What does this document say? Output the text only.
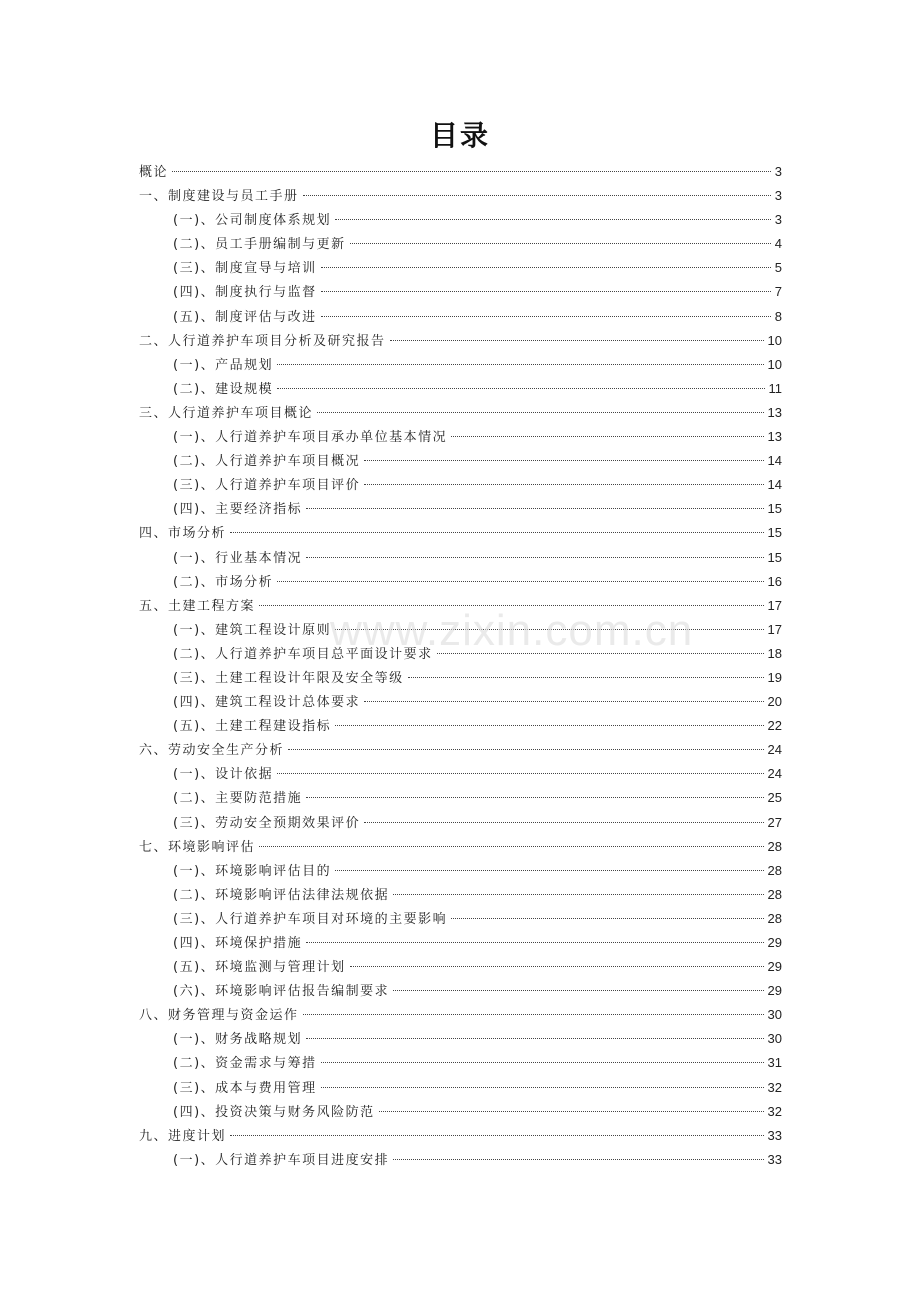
目录
概论	3
一、制度建设与员工手册	3
(一)、公司制度体系规划	3
(二)、员工手册编制与更新	4
(三)、制度宣导与培训	5
(四)、制度执行与监督	7
(五)、制度评估与改进	8
二、人行道养护车项目分析及研究报告	10
(一)、产品规划	10
(二)、建设规模	11
三、人行道养护车项目概论	13
(一)、人行道养护车项目承办单位基本情况	13
(二)、人行道养护车项目概况	14
(三)、人行道养护车项目评价	14
(四)、主要经济指标	15
四、市场分析	15
(一)、行业基本情况	15
(二)、市场分析	16
五、土建工程方案	17
(一)、建筑工程设计原则	17
(二)、人行道养护车项目总平面设计要求	18
(三)、土建工程设计年限及安全等级	19
(四)、建筑工程设计总体要求	20
(五)、土建工程建设指标	22
六、劳动安全生产分析	24
(一)、设计依据	24
(二)、主要防范措施	25
(三)、劳动安全预期效果评价	27
七、环境影响评估	28
(一)、环境影响评估目的	28
(二)、环境影响评估法律法规依据	28
(三)、人行道养护车项目对环境的主要影响	28
(四)、环境保护措施	29
(五)、环境监测与管理计划	29
(六)、环境影响评估报告编制要求	29
八、财务管理与资金运作	30
(一)、财务战略规划	30
(二)、资金需求与筹措	31
(三)、成本与费用管理	32
(四)、投资决策与财务风险防范	32
九、进度计划	33
(一)、人行道养护车项目进度安排	33
www.zixin.com.cn
